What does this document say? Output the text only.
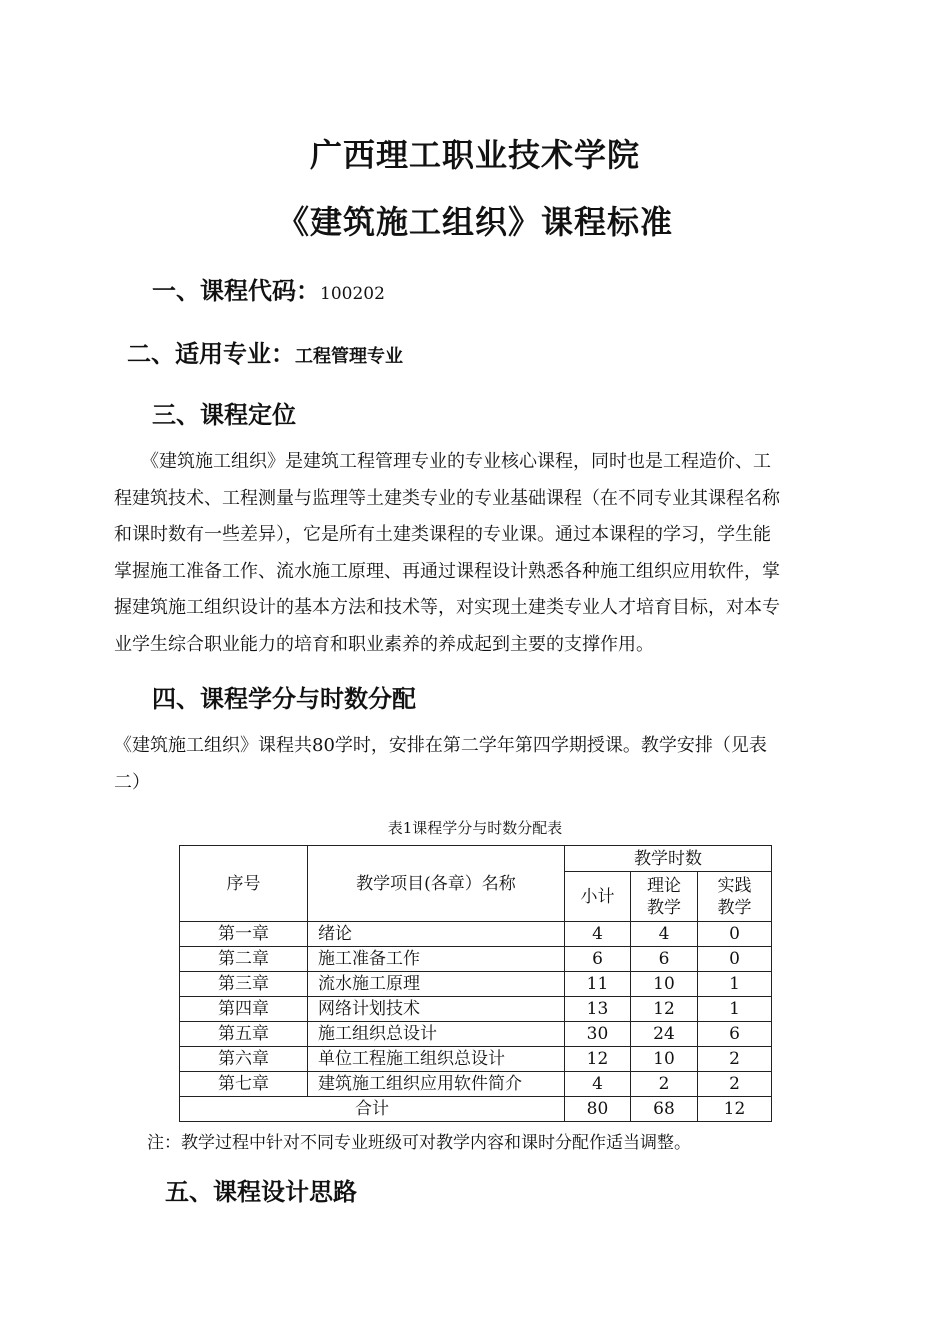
广西理工职业技术学院
《建筑施工组织》课程标准
一、课程代码：100202
二、适用专业：工程管理专业
三、课程定位
　　《建筑施工组织》是建筑工程管理专业的专业核心课程，同时也是工程造价、工
程建筑技术、工程测量与监理等土建类专业的专业基础课程（在不同专业其课程名称
和课时数有一些差异），它是所有土建类课程的专业课。通过本课程的学习，学生能
掌握施工准备工作、流水施工原理、再通过课程设计熟悉各种施工组织应用软件，掌
握建筑施工组织设计的基本方法和技术等，对实现土建类专业人才培育目标，对本专
业学生综合职业能力的培育和职业素养的养成起到主要的支撑作用。
四、课程学分与时数分配
《建筑施工组织》课程共80学时，安排在第二学年第四学期授课。教学安排（见表
二）
表1课程学分与时数分配表
序号	教学项目(各章）名称	教学时数		
		小计	理论教学	实践教学
第一章	绪论	4	4	0
第二章	施工准备工作	6	6	0
第三章	流水施工原理	11	10	1
第四章	网络计划技术	13	12	1
第五章	施工组织总设计	30	24	6
第六章	单位工程施工组织总设计	12	10	2
第七章	建筑施工组织应用软件简介	4	2	2
合计		80	68	12
注：教学过程中针对不同专业班级可对教学内容和课时分配作适当调整。
五、课程设计思路
